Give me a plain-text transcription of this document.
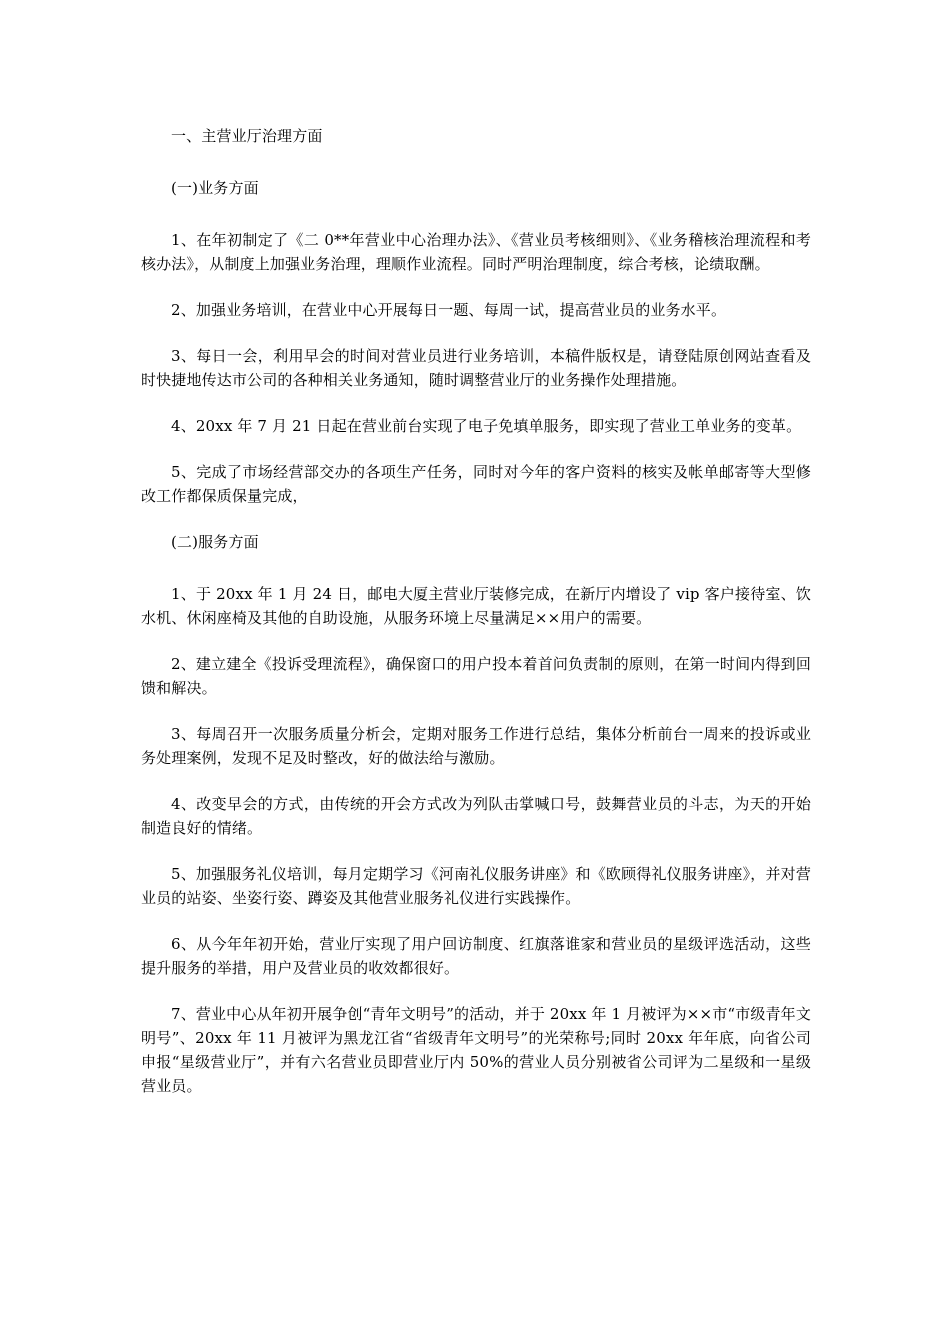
一、主营业厅治理方面

(一)业务方面

1、在年初制定了《二 0**年营业中心治理办法》、《营业员考核细则》、《业务稽核治理流程和考核办法》，从制度上加强业务治理，理顺作业流程。同时严明治理制度，综合考核，论绩取酬。

2、加强业务培训，在营业中心开展每日一题、每周一试，提高营业员的业务水平。

3、每日一会，利用早会的时间对营业员进行业务培训，本稿件版权是，请登陆原创网站查看及时快捷地传达市公司的各种相关业务通知，随时调整营业厅的业务操作处理措施。

4、20xx 年 7 月 21 日起在营业前台实现了电子免填单服务，即实现了营业工单业务的变革。

5、完成了市场经营部交办的各项生产任务，同时对今年的客户资料的核实及帐单邮寄等大型修改工作都保质保量完成，

(二)服务方面

1、于 20xx 年 1 月 24 日，邮电大厦主营业厅装修完成，在新厅内增设了 vip 客户接待室、饮水机、休闲座椅及其他的自助设施，从服务环境上尽量满足××用户的需要。

2、建立建全《投诉受理流程》，确保窗口的用户投本着首问负责制的原则，在第一时间内得到回馈和解决。

3、每周召开一次服务质量分析会，定期对服务工作进行总结，集体分析前台一周来的投诉或业务处理案例，发现不足及时整改，好的做法给与激励。

4、改变早会的方式，由传统的开会方式改为列队击掌喊口号，鼓舞营业员的斗志，为天的开始制造良好的情绪。

5、加强服务礼仪培训，每月定期学习《河南礼仪服务讲座》和《欧顾得礼仪服务讲座》，并对营业员的站姿、坐姿行姿、蹲姿及其他营业服务礼仪进行实践操作。

6、从今年年初开始，营业厅实现了用户回访制度、红旗落谁家和营业员的星级评选活动，这些提升服务的举措，用户及营业员的收效都很好。

7、营业中心从年初开展争创“青年文明号”的活动，并于 20xx 年 1 月被评为××市“市级青年文明号”、20xx 年 11 月被评为黑龙江省“省级青年文明号”的光荣称号;同时 20xx 年年底，向省公司申报“星级营业厅”，并有六名营业员即营业厅内 50%的营业人员分别被省公司评为二星级和一星级营业员。
